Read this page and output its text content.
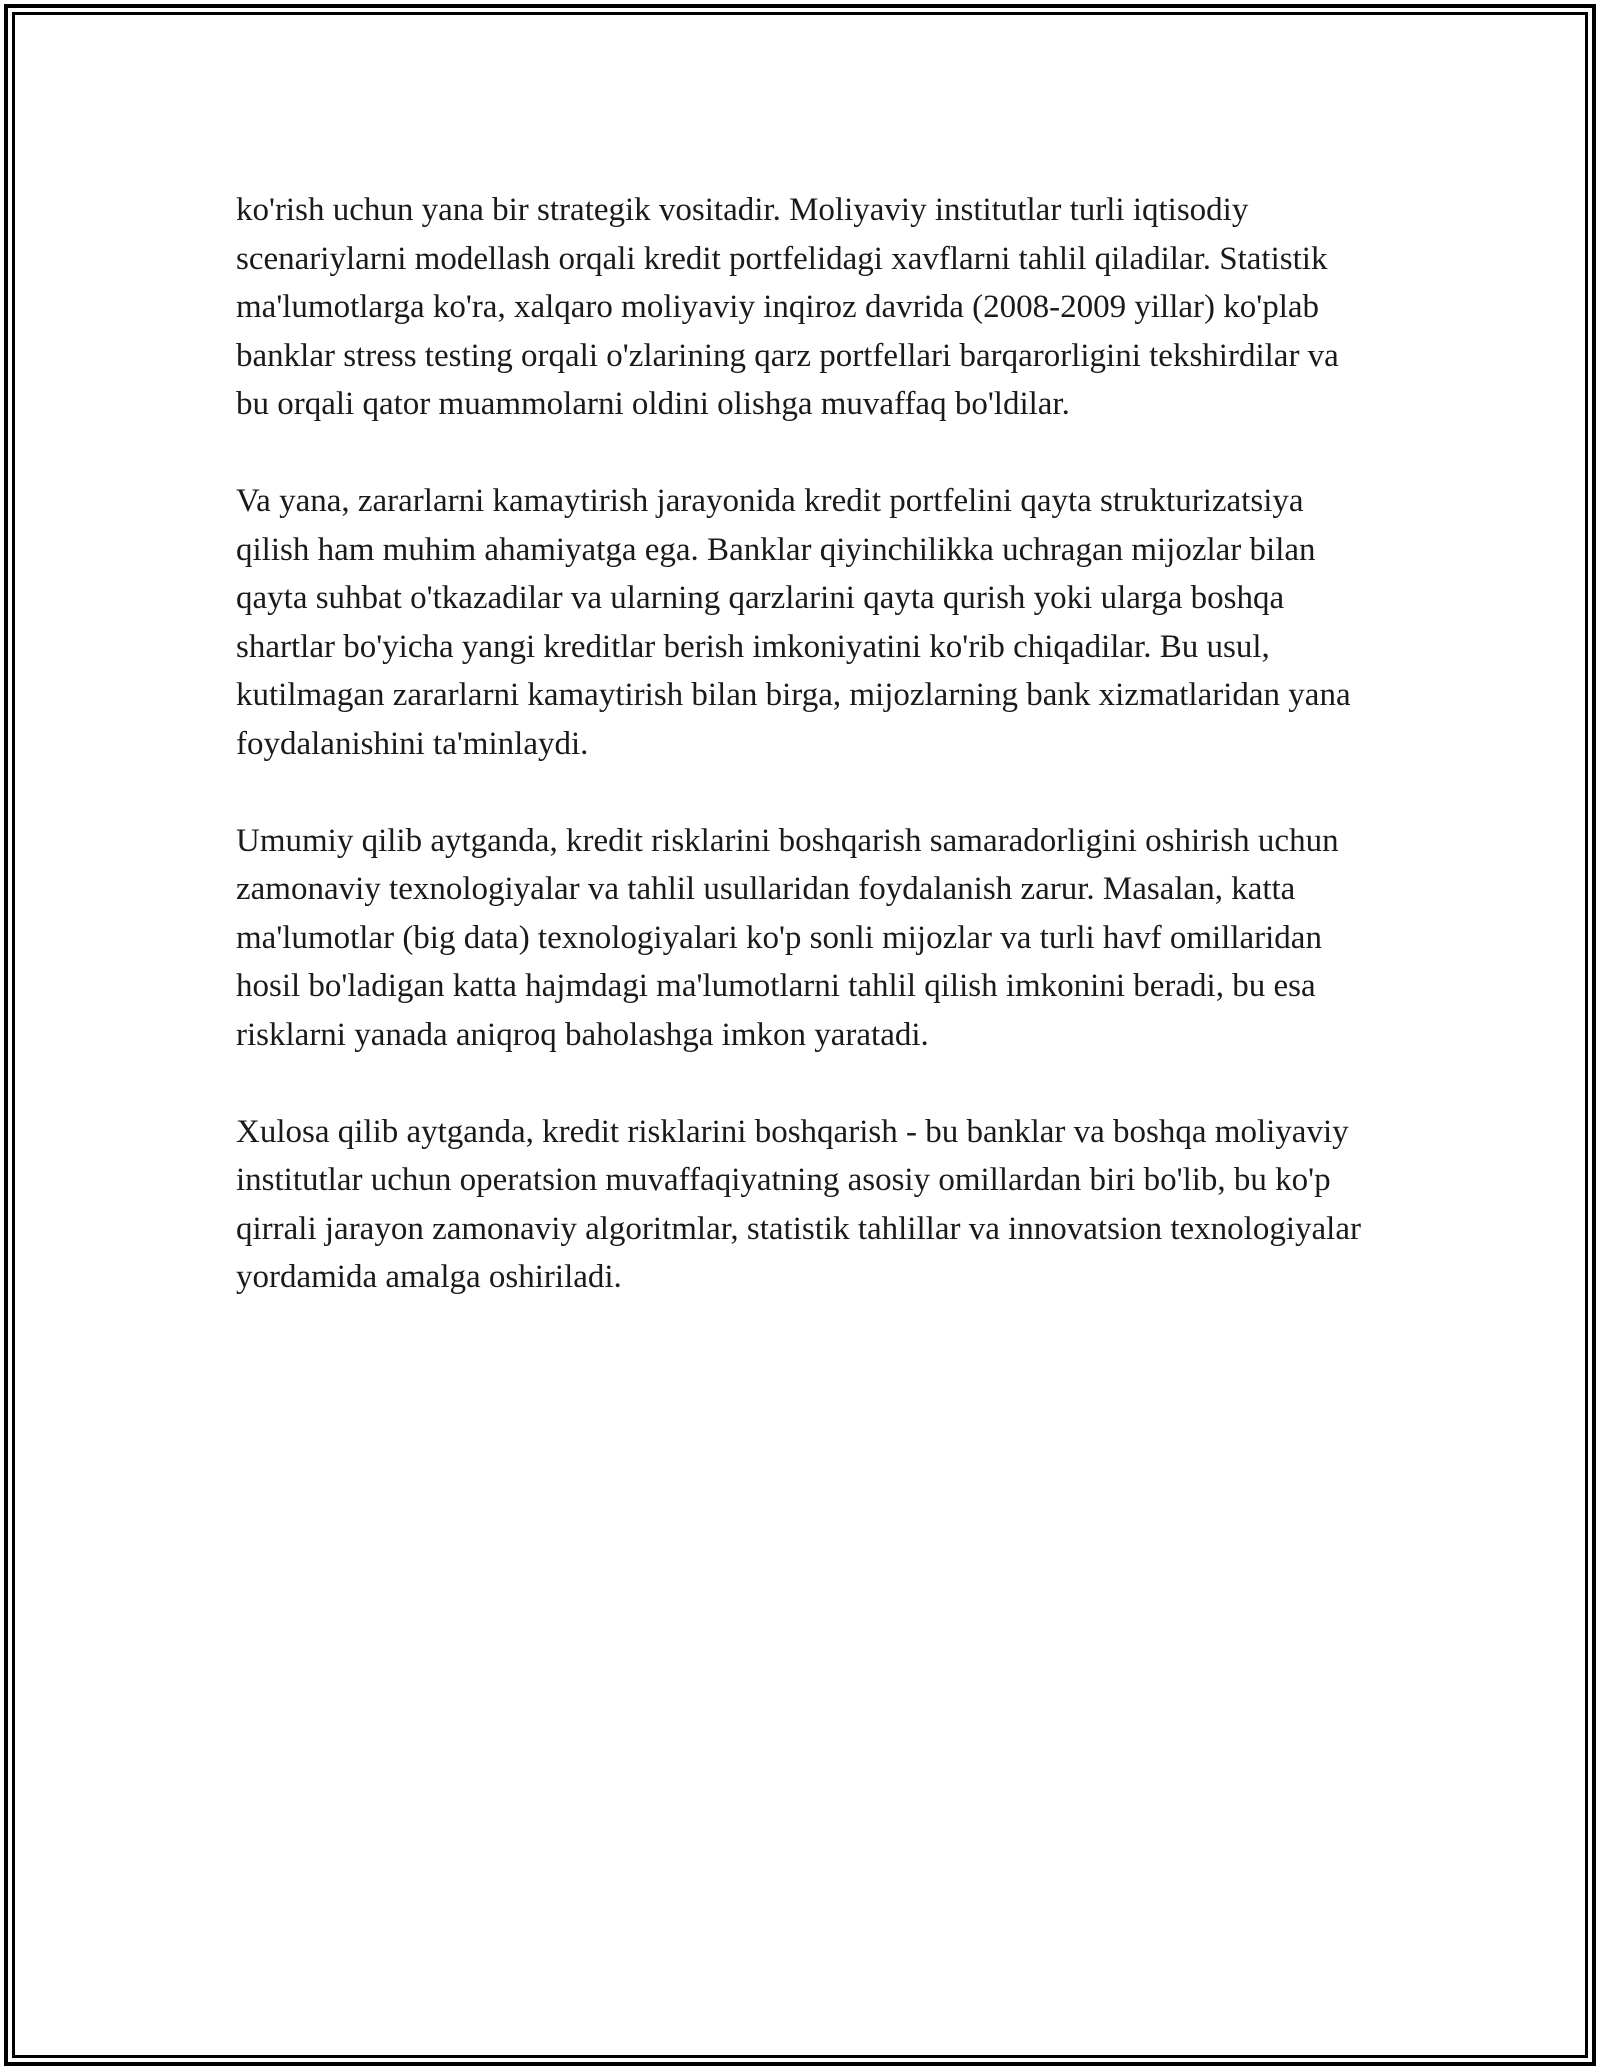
ko'rish uchun yana bir strategik vositadir. Moliyaviy institutlar turli iqtisodiy scenariylarni modellash orqali kredit portfelidagi xavflarni tahlil qiladilar. Statistik ma'lumotlarga ko'ra, xalqaro moliyaviy inqiroz davrida (2008-2009 yillar) ko'plab banklar stress testing orqali o'zlarining qarz portfellari barqarorligini tekshirdilar va bu orqali qator muammolarni oldini olishga muvaffaq bo'ldilar.

Va yana, zararlarni kamaytirish jarayonida kredit portfelini qayta strukturizatsiya qilish ham muhim ahamiyatga ega. Banklar qiyinchilikka uchragan mijozlar bilan qayta suhbat o'tkazadilar va ularning qarzlarini qayta qurish yoki ularga boshqa shartlar bo'yicha yangi kreditlar berish imkoniyatini ko'rib chiqadilar. Bu usul, kutilmagan zararlarni kamaytirish bilan birga, mijozlarning bank xizmatlaridan yana foydalanishini ta'minlaydi.

Umumiy qilib aytganda, kredit risklarini boshqarish samaradorligini oshirish uchun zamonaviy texnologiyalar va tahlil usullaridan foydalanish zarur. Masalan, katta ma'lumotlar (big data) texnologiyalari ko'p sonli mijozlar va turli havf omillaridan hosil bo'ladigan katta hajmdagi ma'lumotlarni tahlil qilish imkonini beradi, bu esa risklarni yanada aniqroq baholashga imkon yaratadi.

Xulosa qilib aytganda, kredit risklarini boshqarish - bu banklar va boshqa moliyaviy institutlar uchun operatsion muvaffaqiyatning asosiy omillardan biri bo'lib, bu ko'p qirrali jarayon zamonaviy algoritmlar, statistik tahlillar va innovatsion texnologiyalar yordamida amalga oshiriladi.
